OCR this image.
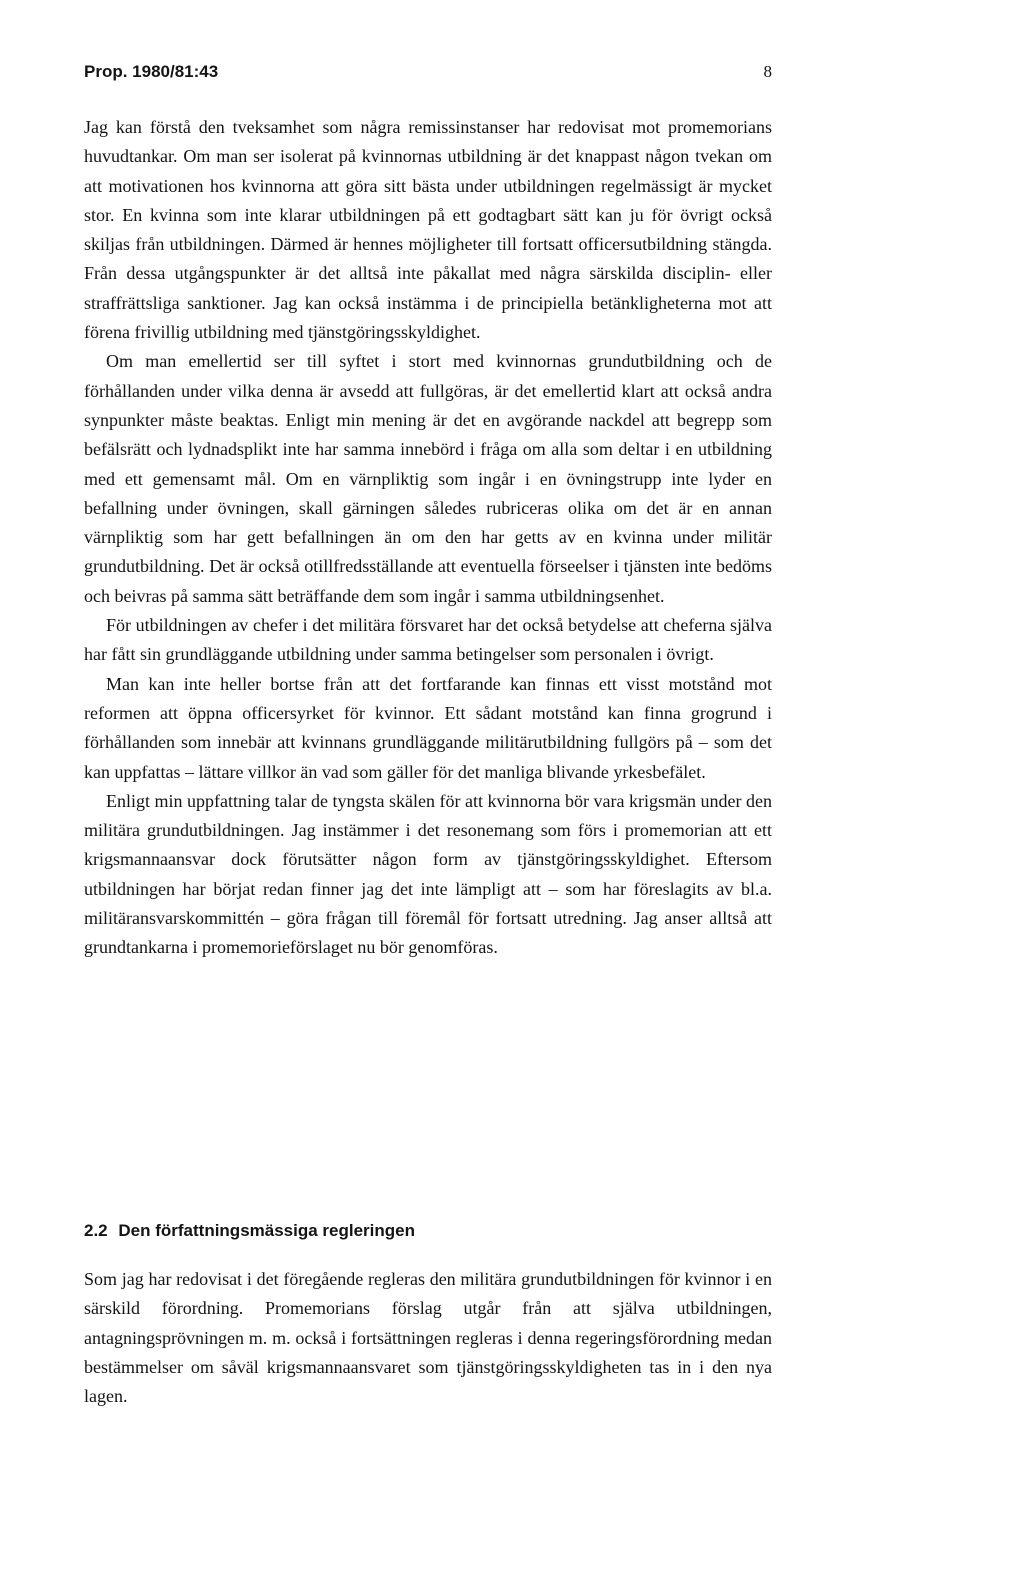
Prop. 1980/81:43	8

Jag kan förstå den tveksamhet som några remissinstanser har redovisat mot promemorians huvudtankar. Om man ser isolerat på kvinnornas utbildning är det knappast någon tvekan om att motivationen hos kvinnorna att göra sitt bästa under utbildningen regelmässigt är mycket stor. En kvinna som inte klarar utbildningen på ett godtagbart sätt kan ju för övrigt också skiljas från utbildningen. Därmed är hennes möjligheter till fortsatt officersutbildning stängda. Från dessa utgångspunkter är det alltså inte påkallat med några särskilda disciplin- eller straffrättsliga sanktioner. Jag kan också instämma i de principiella betänkligheterna mot att förena frivillig utbildning med tjänstgöringsskyldighet.

Om man emellertid ser till syftet i stort med kvinnornas grundutbildning och de förhållanden under vilka denna är avsedd att fullgöras, är det emellertid klart att också andra synpunkter måste beaktas. Enligt min mening är det en avgörande nackdel att begrepp som befälsrätt och lydnadsplikt inte har samma innebörd i fråga om alla som deltar i en utbildning med ett gemensamt mål. Om en värnpliktig som ingår i en övningstrupp inte lyder en befallning under övningen, skall gärningen således rubriceras olika om det är en annan värnpliktig som har gett befallningen än om den har getts av en kvinna under militär grundutbildning. Det är också otillfredsställande att eventuella förseelser i tjänsten inte bedöms och beivras på samma sätt beträffande dem som ingår i samma utbildningsenhet.

För utbildningen av chefer i det militära försvaret har det också betydelse att cheferna själva har fått sin grundläggande utbildning under samma betingelser som personalen i övrigt.

Man kan inte heller bortse från att det fortfarande kan finnas ett visst motstånd mot reformen att öppna officersyrket för kvinnor. Ett sådant motstånd kan finna grogrund i förhållanden som innebär att kvinnans grundläggande militärutbildning fullgörs på – som det kan uppfattas – lättare villkor än vad som gäller för det manliga blivande yrkesbefälet.

Enligt min uppfattning talar de tyngsta skälen för att kvinnorna bör vara krigsmän under den militära grundutbildningen. Jag instämmer i det resonemang som förs i promemorian att ett krigsmannaansvar dock förutsätter någon form av tjänstgöringsskyldighet. Eftersom utbildningen har börjat redan finner jag det inte lämpligt att – som har föreslagits av bl.a. militäransvarskommittén – göra frågan till föremål för fortsatt utredning. Jag anser alltså att grundtankarna i promemorieförslaget nu bör genomföras.

2.2 Den författningsmässiga regleringen

Som jag har redovisat i det föregående regleras den militära grundutbildningen för kvinnor i en särskild förordning. Promemorians förslag utgår från att själva utbildningen, antagningsprövningen m. m. också i fortsättningen regleras i denna regeringsförordning medan bestämmelser om såväl krigsmannaansvaret som tjänstgöringsskyldigheten tas in i den nya lagen.
